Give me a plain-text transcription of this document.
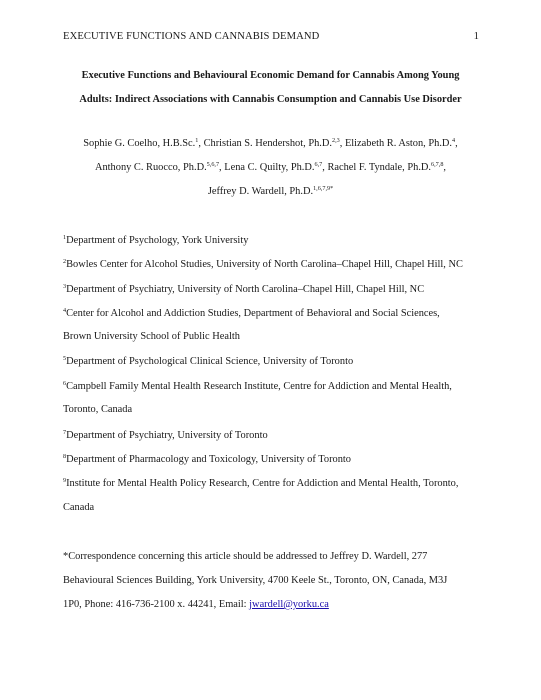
EXECUTIVE FUNCTIONS AND CANNABIS DEMAND	1
Executive Functions and Behavioural Economic Demand for Cannabis Among Young
Adults: Indirect Associations with Cannabis Consumption and Cannabis Use Disorder
Sophie G. Coelho, H.B.Sc.$^1$, Christian S. Hendershot, Ph.D.$^{2,3}$, Elizabeth R. Aston, Ph.D.$^4$,
Anthony C. Ruocco, Ph.D.$^{5,6,7}$, Lena C. Quilty, Ph.D.$^{6,7}$, Rachel F. Tyndale, Ph.D.$^{6,7,8}$,
Jeffrey D. Wardell, Ph.D.$^{1,6,7,9*}$
$^1$Department of Psychology, York University
$^2$Bowles Center for Alcohol Studies, University of North Carolina–Chapel Hill, Chapel Hill, NC
$^3$Department of Psychiatry, University of North Carolina–Chapel Hill, Chapel Hill, NC
$^4$Center for Alcohol and Addiction Studies, Department of Behavioral and Social Sciences,
Brown University School of Public Health
$^5$Department of Psychological Clinical Science, University of Toronto
$^6$Campbell Family Mental Health Research Institute, Centre for Addiction and Mental Health,
Toronto, Canada
$^7$Department of Psychiatry, University of Toronto
$^8$Department of Pharmacology and Toxicology, University of Toronto
$^9$Institute for Mental Health Policy Research, Centre for Addiction and Mental Health, Toronto,
Canada
*Correspondence concerning this article should be addressed to Jeffrey D. Wardell, 277
Behavioural Sciences Building, York University, 4700 Keele St., Toronto, ON, Canada, M3J
1P0, Phone: 416-736-2100 x. 44241, Email: jwardell@yorku.ca
